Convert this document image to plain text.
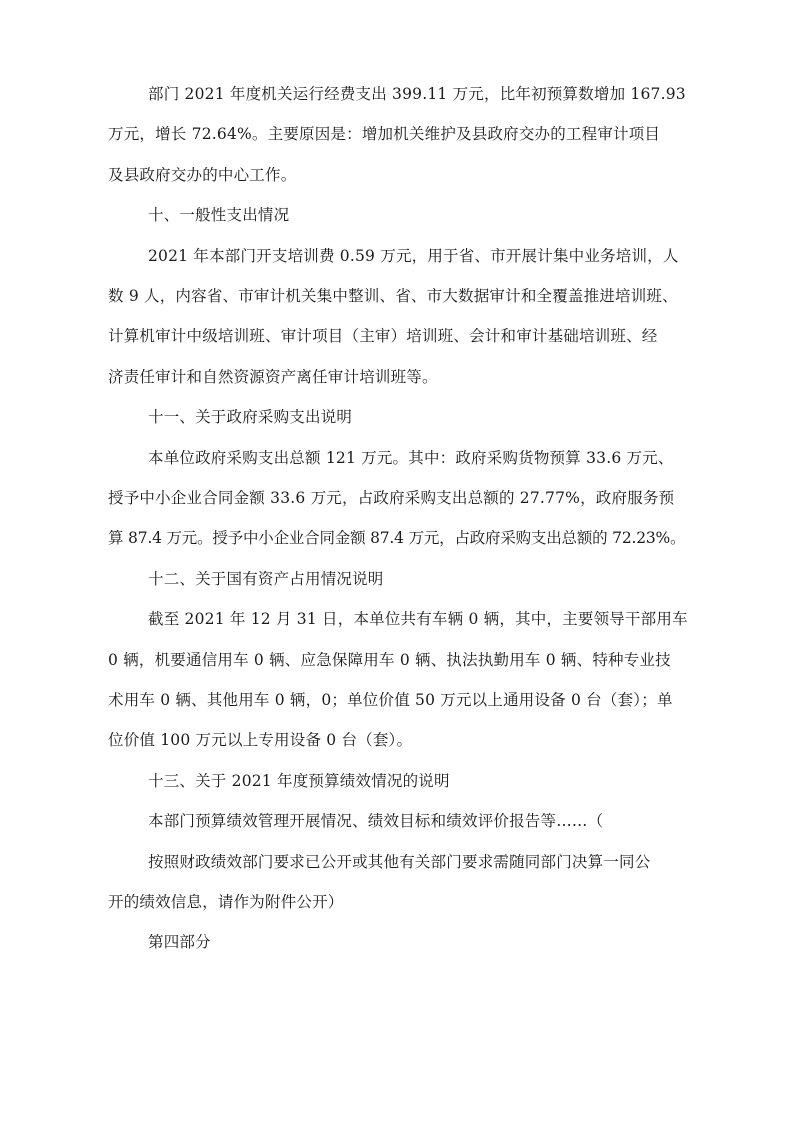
部门 2021 年度机关运行经费支出 399.11 万元，比年初预算数增加 167.93
万元，增长 72.64%。主要原因是：增加机关维护及县政府交办的工程审计项目
及县政府交办的中心工作。
十、一般性支出情况
2021 年本部门开支培训费 0.59 万元，用于省、市开展计集中业务培训，人
数 9 人，内容省、市审计机关集中整训、省、市大数据审计和全覆盖推进培训班、
计算机审计中级培训班、审计项目（主审）培训班、会计和审计基础培训班、经
济责任审计和自然资源资产离任审计培训班等。
十一、关于政府采购支出说明
本单位政府采购支出总额 121 万元。其中：政府采购货物预算 33.6 万元、
授予中小企业合同金额 33.6 万元，占政府采购支出总额的 27.77%，政府服务预
算 87.4 万元。授予中小企业合同金额 87.4 万元，占政府采购支出总额的 72.23%。
十二、关于国有资产占用情况说明
截至 2021 年 12 月 31 日，本单位共有车辆 0 辆，其中，主要领导干部用车
0 辆，机要通信用车 0 辆、应急保障用车 0 辆、执法执勤用车 0 辆、特种专业技
术用车 0 辆、其他用车 0 辆，0；单位价值 50 万元以上通用设备 0 台（套）；单
位价值 100 万元以上专用设备 0 台（套）。
十三、关于 2021 年度预算绩效情况的说明
本部门预算绩效管理开展情况、绩效目标和绩效评价报告等……（
按照财政绩效部门要求已公开或其他有关部门要求需随同部门决算一同公
开的绩效信息，请作为附件公开）
第四部分
